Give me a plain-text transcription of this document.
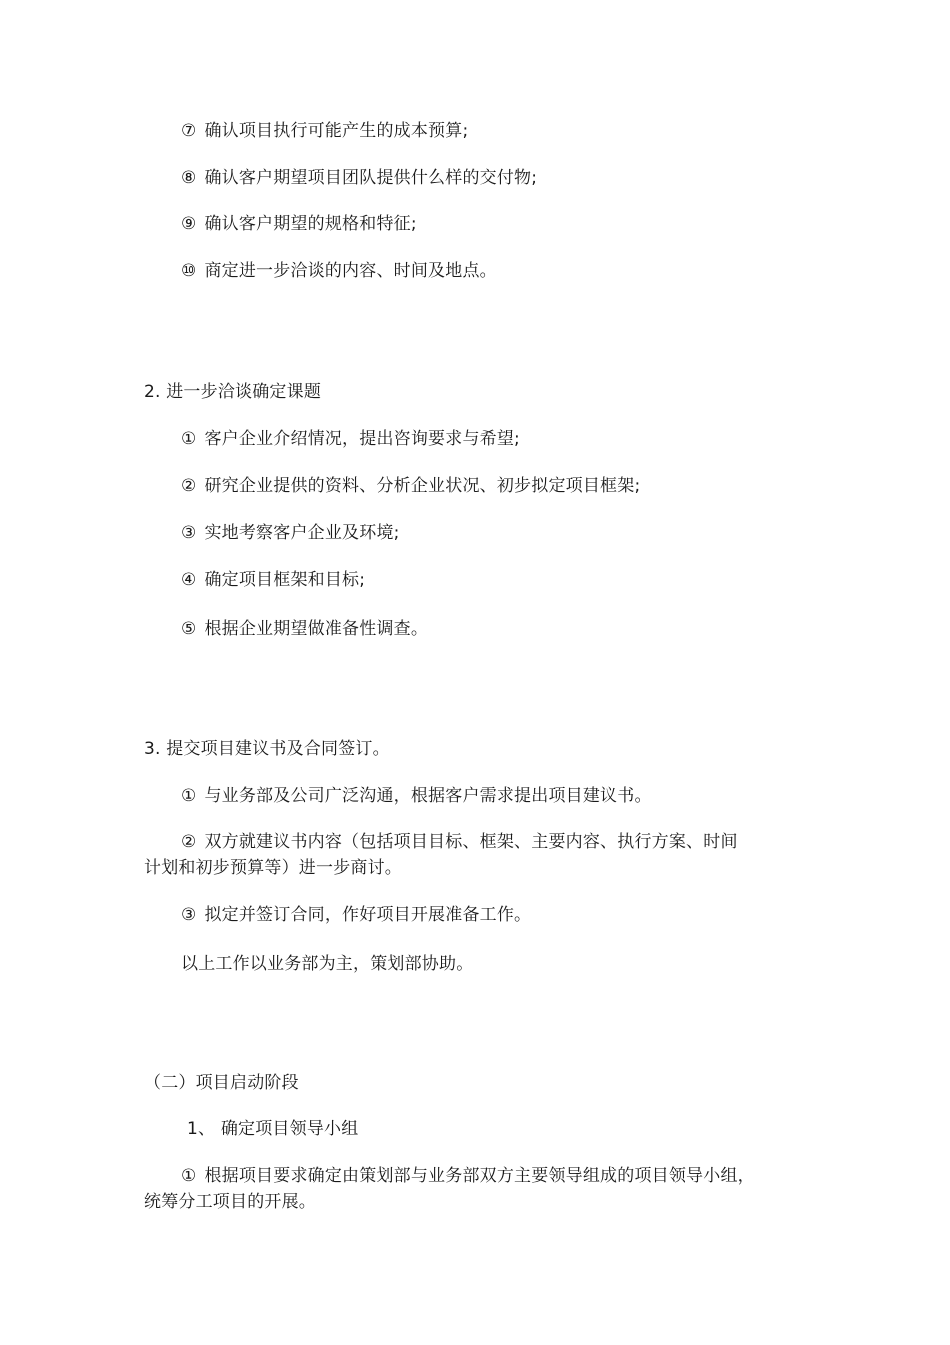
⑦ 确认项目执行可能产生的成本预算;
⑧ 确认客户期望项目团队提供什么样的交付物;
⑨ 确认客户期望的规格和特征;
⑩ 商定进一步洽谈的内容、时间及地点。
2. 进一步洽谈确定课题
① 客户企业介绍情况，提出咨询要求与希望;
② 研究企业提供的资料、分析企业状况、初步拟定项目框架;
③ 实地考察客户企业及环境;
④ 确定项目框架和目标;
⑤ 根据企业期望做准备性调查。
3. 提交项目建议书及合同签订。
① 与业务部及公司广泛沟通，根据客户需求提出项目建议书。
② 双方就建议书内容（包括项目目标、框架、主要内容、执行方案、时间
计划和初步预算等）进一步商讨。
③ 拟定并签订合同，作好项目开展准备工作。
以上工作以业务部为主，策划部协助。
（二）项目启动阶段
1、 确定项目领导小组
① 根据项目要求确定由策划部与业务部双方主要领导组成的项目领导小组，
统筹分工项目的开展。
